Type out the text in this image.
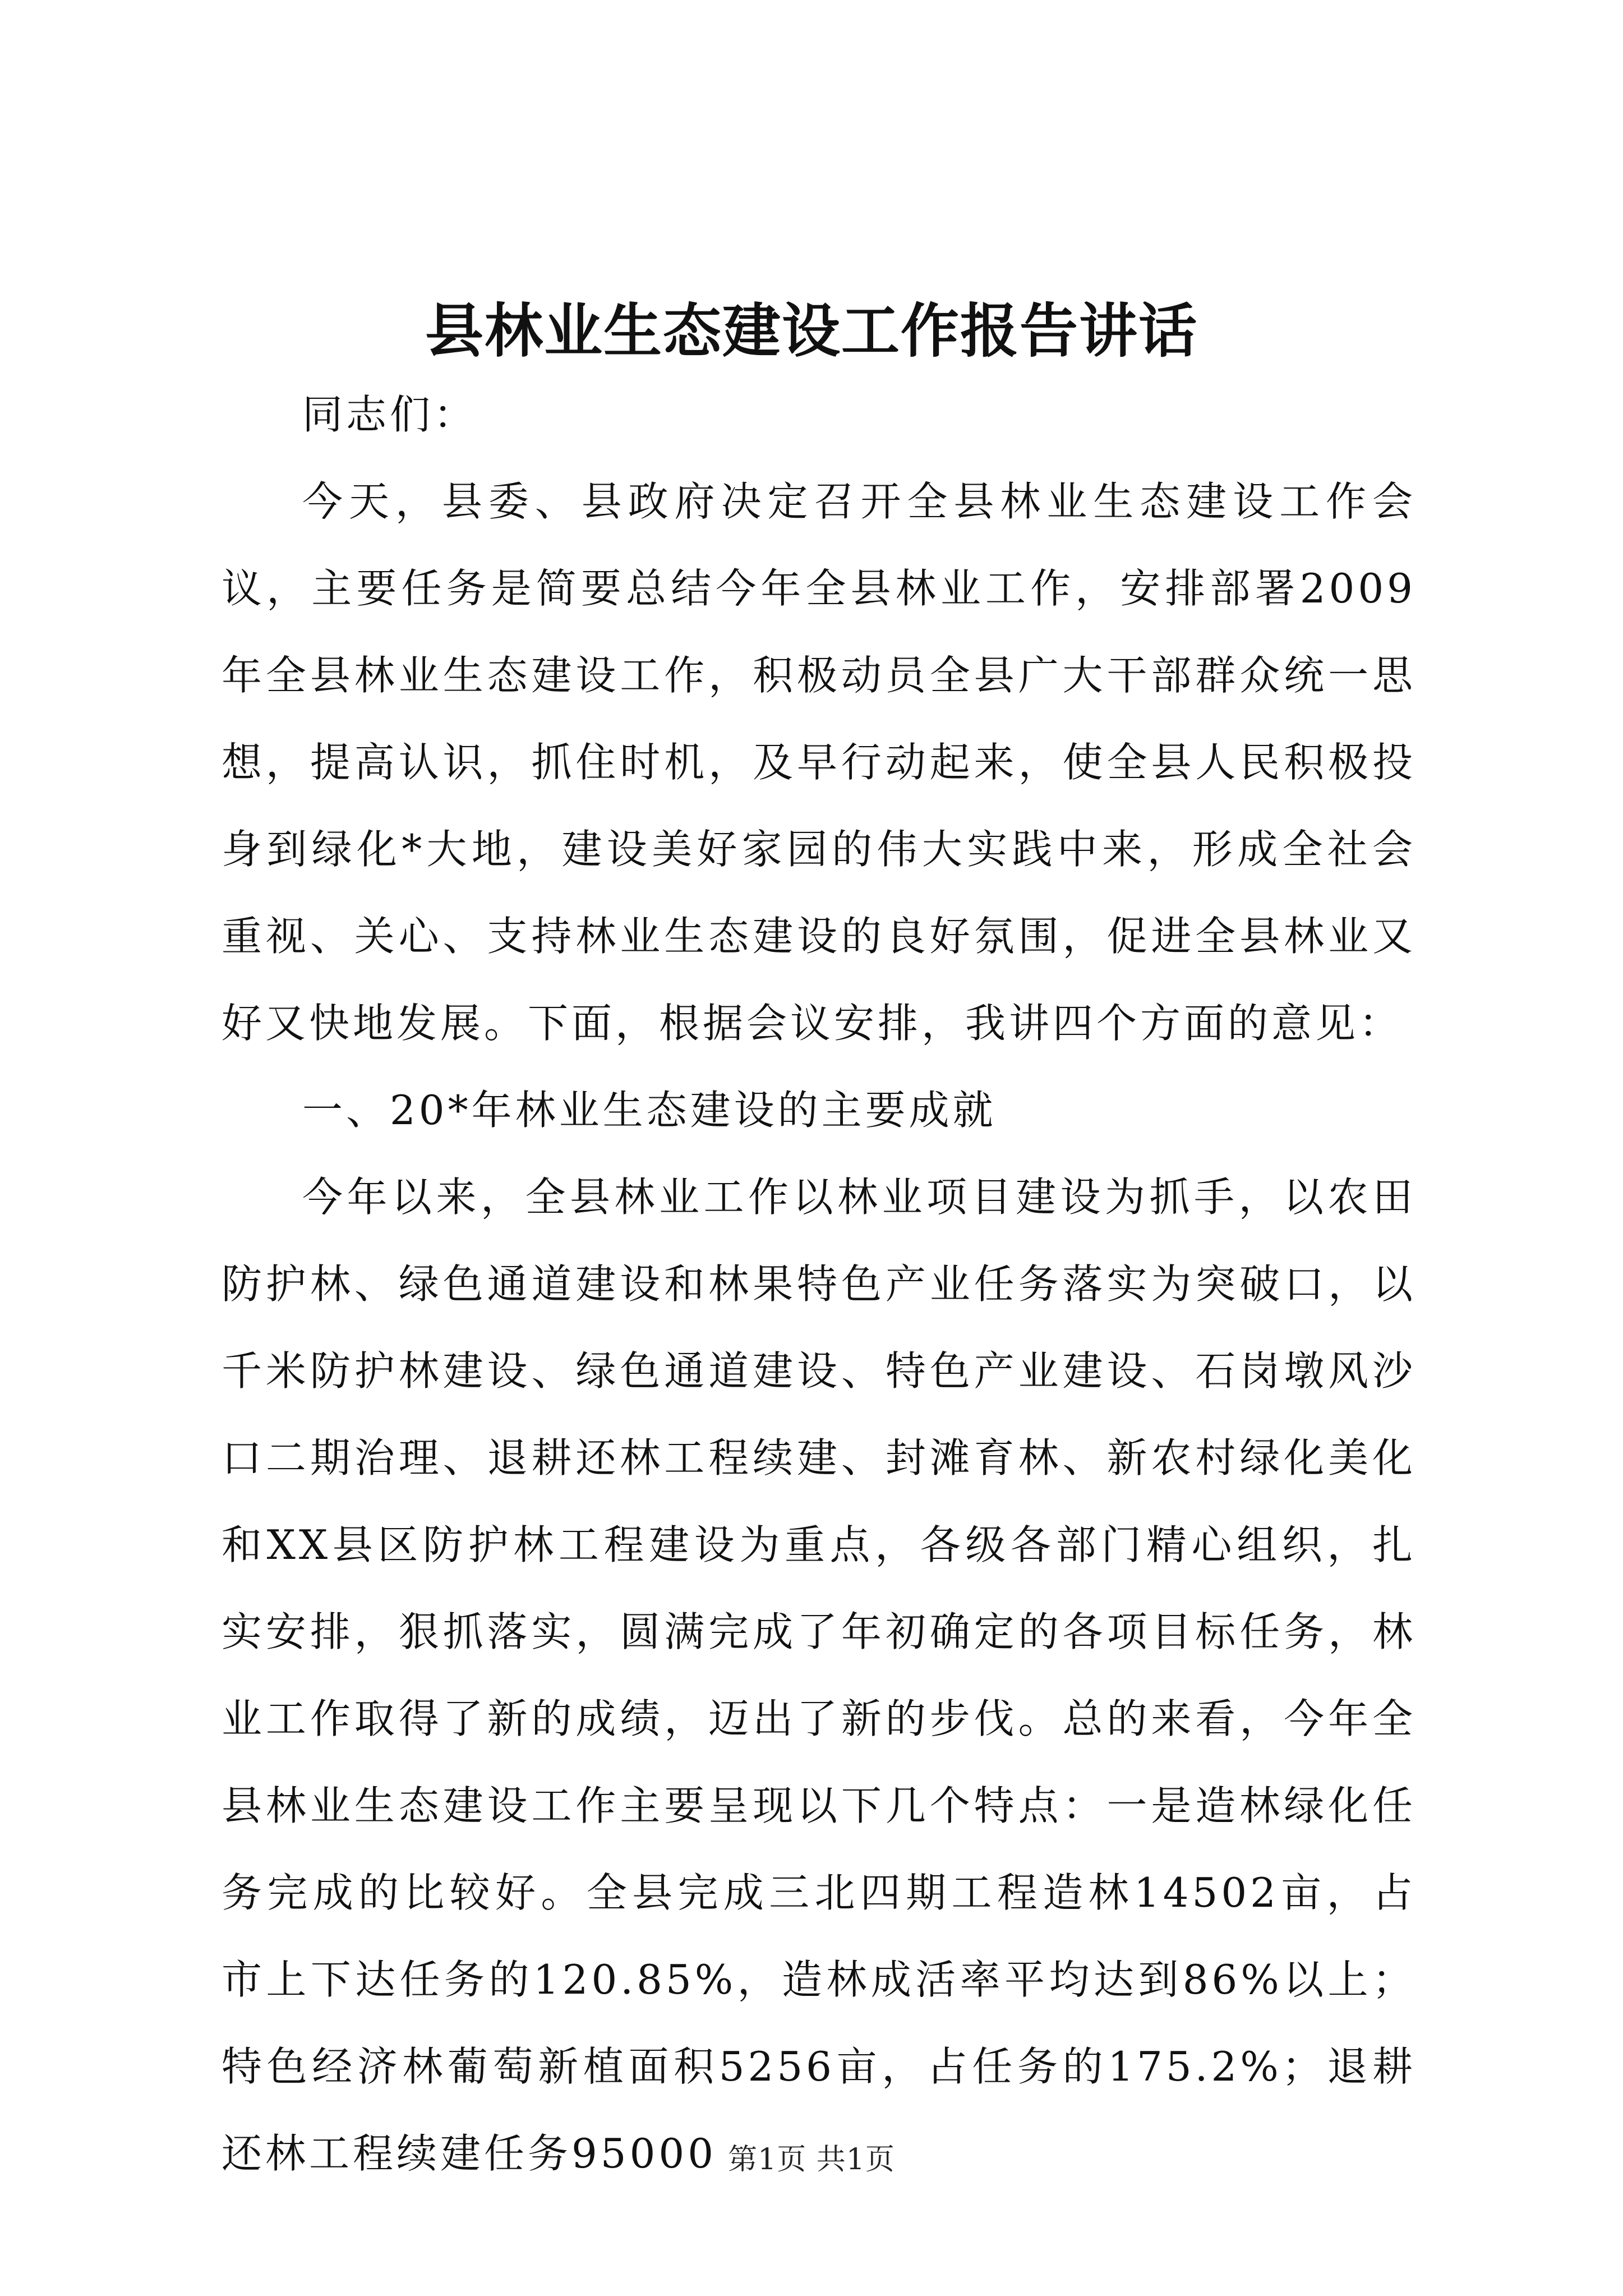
县林业生态建设工作报告讲话

同志们：

今天，县委、县政府决定召开全县林业生态建设工作会议，主要任务是简要总结今年全县林业工作，安排部署2009年全县林业生态建设工作，积极动员全县广大干部群众统一思想，提高认识，抓住时机，及早行动起来，使全县人民积极投身到绿化*大地，建设美好家园的伟大实践中来，形成全社会重视、关心、支持林业生态建设的良好氛围，促进全县林业又好又快地发展。下面，根据会议安排，我讲四个方面的意见：

一、20*年林业生态建设的主要成就

今年以来，全县林业工作以林业项目建设为抓手，以农田防护林、绿色通道建设和林果特色产业任务落实为突破口，以千米防护林建设、绿色通道建设、特色产业建设、石岗墩风沙口二期治理、退耕还林工程续建、封滩育林、新农村绿化美化和XX县区防护林工程建设为重点，各级各部门精心组织，扎实安排，狠抓落实，圆满完成了年初确定的各项目标任务，林业工作取得了新的成绩，迈出了新的步伐。总的来看，今年全县林业生态建设工作主要呈现以下几个特点：一是造林绿化任务完成的比较好。全县完成三北四期工程造林14502亩，占市上下达任务的120.85%，造林成活率平均达到86%以上；特色经济林葡萄新植面积5256亩，占任务的175.2%；退耕还林工程续建任务95000 第1页 共1页
